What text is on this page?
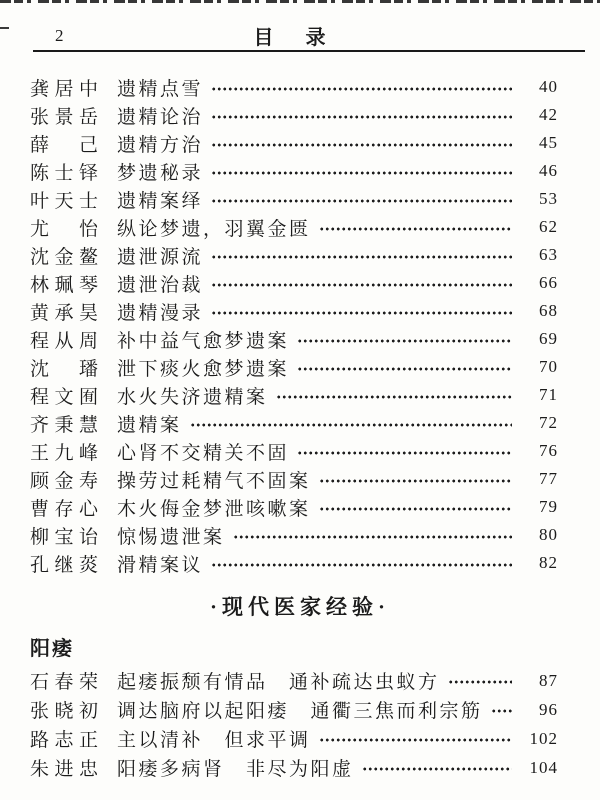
2	目　录
龚居中 遗精点雪	40
张景岳 遗精论治	42
薛己 遗精方治	45
陈士铎 梦遗秘录	46
叶天士 遗精案绎	53
尤怡 纵论梦遗，羽翼金匮	62
沈金鳌 遗泄源流	63
林珮琴 遗泄治裁	66
黄承昊 遗精漫录	68
程从周 补中益气愈梦遗案	69
沈璠 泄下痰火愈梦遗案	70
程文囿 水火失济遗精案	71
齐秉慧 遗精案	72
王九峰 心肾不交精关不固	76
顾金寿 操劳过耗精气不固案	77
曹存心 木火侮金梦泄咳嗽案	79
柳宝诒 惊惕遗泄案	80
孔继菼 滑精案议	82
·现代医家经验·
阳痿
石春荣 起痿振颓有情品　通补疏达虫蚁方	87
张晓初 调达脑府以起阳痿　通衢三焦而利宗筋	96
路志正 主以清补　但求平调	102
朱进忠 阳痿多病肾　非尽为阳虚	104
